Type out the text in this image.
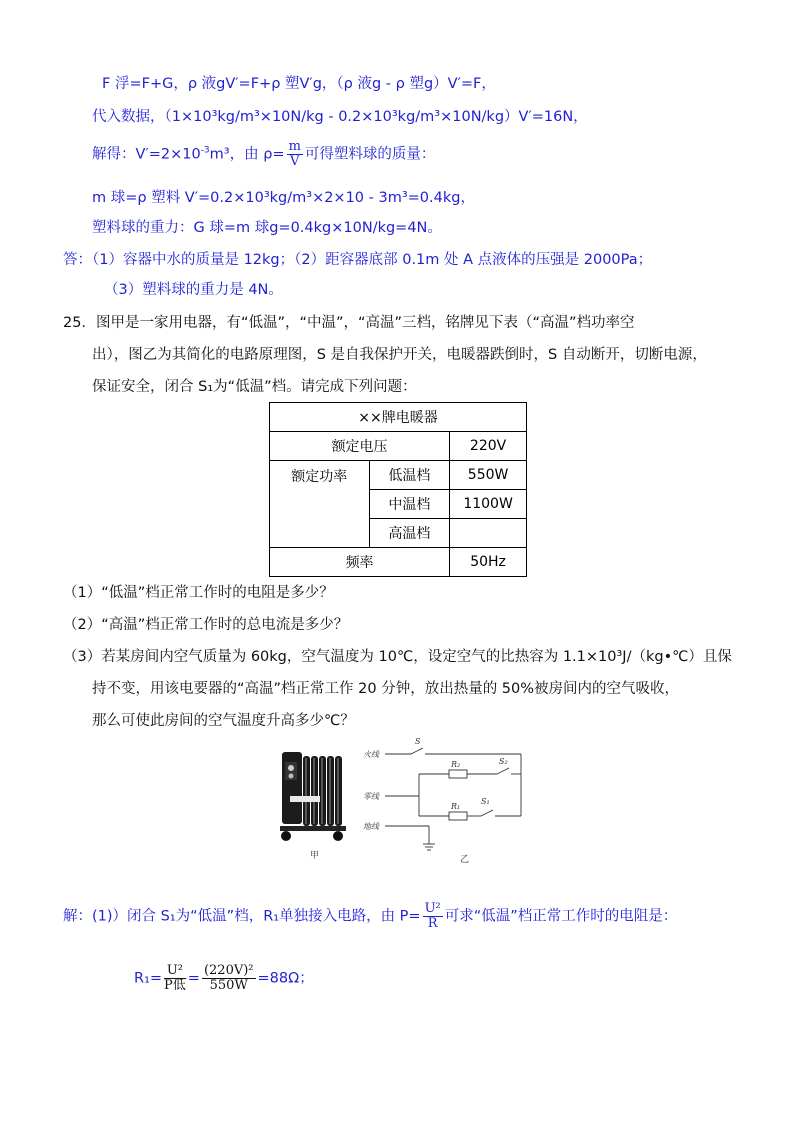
F 浮=F+G，ρ 液gV′=F+ρ 塑V′g，（ρ 液g - ρ 塑g）V′=F，
代入数据，（1×10³kg/m³×10N/kg - 0.2×10³kg/m³×10N/kg）V′=16N，
解得：$V'=2\times 10^{-3}m^3$，由 $\rho= \frac{m}{V}$ 可得塑料球的质量：
m 球=ρ 塑料 V′=0.2×10³kg/m³×2×10 - 3m³=0.4kg，
塑料球的重力：G 球=m 球g=0.4kg×10N/kg=4N。
答：（1）容器中水的质量是 12kg；（2）距容器底部 0.1m 处 A 点液体的压强是 2000Pa；
（3）塑料球的重力是 4N。
25．图甲是一家用电器，有“低温”，“中温”，“高温”三档，铭牌见下表（“高温”档功率空
出），图乙为其简化的电路原理图，S 是自我保护开关，电暖器跌倒时，S 自动断开，切断电源，
保证安全，闭合 S₁为“低温”档。请完成下列问题：
××牌电暖器		
额定电压		220V
额定功率	低温档	550W
	中温档	1100W
	高温档	
频率		50Hz
（1）“低温”档正常工作时的电阻是多少？
（2）“高温”档正常工作时的总电流是多少？
（3）若某房间内空气质量为 60kg，空气温度为 10℃，设定空气的比热容为 1.1×10³J/（kg•℃）且保
持不变，用该电要器的“高温”档正常工作 20 分钟，放出热量的 50%被房间内的空气吸收，
那么可使此房间的空气温度升高多少℃？
甲
火线
零线
地线
S
S₂
S₁
R₂
R₁
乙
解：(1)）闭合 S₁为“低温”档，R₁单独接入电路，由 $P= \frac{\text{U²}}{R}$ 可求“低温”档正常工作时的电阻是：
$R_1= \frac{\text{U²}}{\text{P低}} = \frac{\text{(220V)²}}{550W} =88\Omega$；
